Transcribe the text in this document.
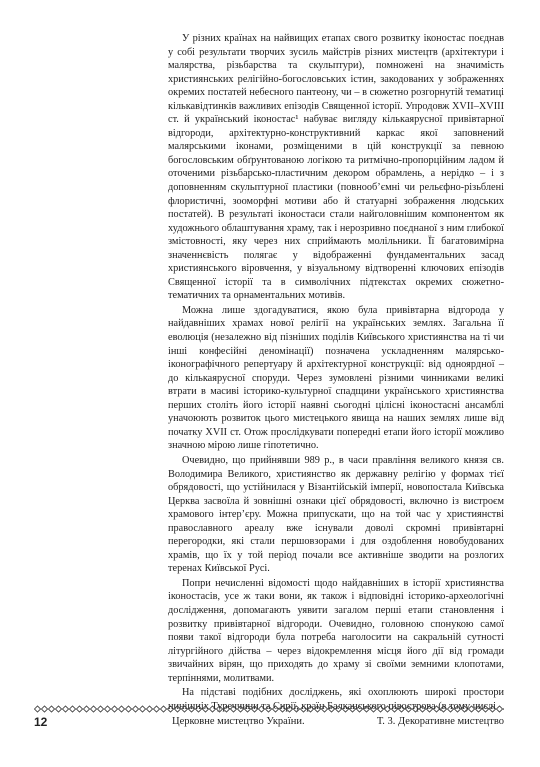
У різних країнах на найвищих етапах свого розвитку іконостас поєднав у собі результати творчих зусиль майстрів різних мистецтв (архітектури і малярства, різьбарства та скульптури), помножені на значимість християнських релігійно-богословських істин, закодованих у зображеннях окремих постатей небесного пантеону, чи – в сюжетно розгорнутій тематиці кількавідтинків важливих епізодів Священної історії. Упродовж XVII–XVIII ст. й український іконостас¹ набуває вигляду кількаярусної привівтарної відгороди, архітектурно-конструктивний каркас якої заповнений малярськими іконами, розміщеними в цій конструкції за певною богословським обґрунтованою логікою та ритмічно-пропорційним ладом й оточеними різьбарсько-пластичним декором обрамлень, а нерідко – і з доповненням скульптурної пластики (повнооб’ємні чи рельєфно-різьблені флористичні, зооморфні мотиви або й статуарні зображення людських постатей). В результаті іконостаси стали найголовнішим компонентом як художнього облаштування храму, так і нерозривно поєднаної з ним глибокої змістовності, яку через них сприймають молільники. Її багатовимірна значеннєвість полягає у відображенні фундаментальних засад християнського віровчення, у візуальному відтворенні ключових епізодів Священної історії та в символічних підтекстах окремих сюжетно-тематичних та орнаментальних мотивів.

Можна лише здогадуватися, якою була привівтарна відгорода у найдавніших храмах нової релігії на українських землях. Загальна її еволюція (незалежно від пізніших поділів Київського християнства на ті чи інші конфесійні деномінації) позначена ускладненням малярсько-іконографічного репертуару й архітектурної конструкції: від одноярдної – до кількаярусної споруди. Через зумовлені різними чинниками великі втрати в масиві історико-культурної спадщини українського християнства перших століть його історії наявні сьогодні цілісні іконостасні ансамблі уначоюють розвиток цього мистецького явища на наших землях лише від початку XVII ст. Отож прослідкувати попередні етапи його історії можливо значною мірою лише гіпотетично.

Очевидно, що прийнявши 989 р., в часи правління великого князя св. Володимира Великого, християнство як державну релігію у формах тієї обрядовості, що устійнилася у Візантійській імперії, новопостала Київська Церква засвоїла й зовнішні ознаки цієї обрядовості, включно із вистроєм храмового інтер’єру. Можна припускати, що на той час у християнстві православного ареалу вже існували доволі скромні привівтарні перегородки, які стали першовзорами і для оздоблення новобудованих храмів, що їх у той період почали все активніше зводити на розлогих теренах Київської Русі.

Попри нечисленні відомості щодо найдавніших в історії християнства іконостасів, усе ж таки вони, як також і відповідні історико-археологічні дослідження, допомагають уявити загалом перші етапи становлення і розвитку привівтарної відгороди. Очевидно, головною спонукою самої появи такої відгороди була потреба наголосити на сакральній сутності літургійного дійства – через відокремлення місця його дії від громади звичайних вірян, що приходять до храму зі своїми земними клопотами, терпіннями, молитвами.

На підставі подібних досліджень, які охоплюють широкі простори

12	Церковне мистецтво України.	Т. 3. Декоративне мистецтво
